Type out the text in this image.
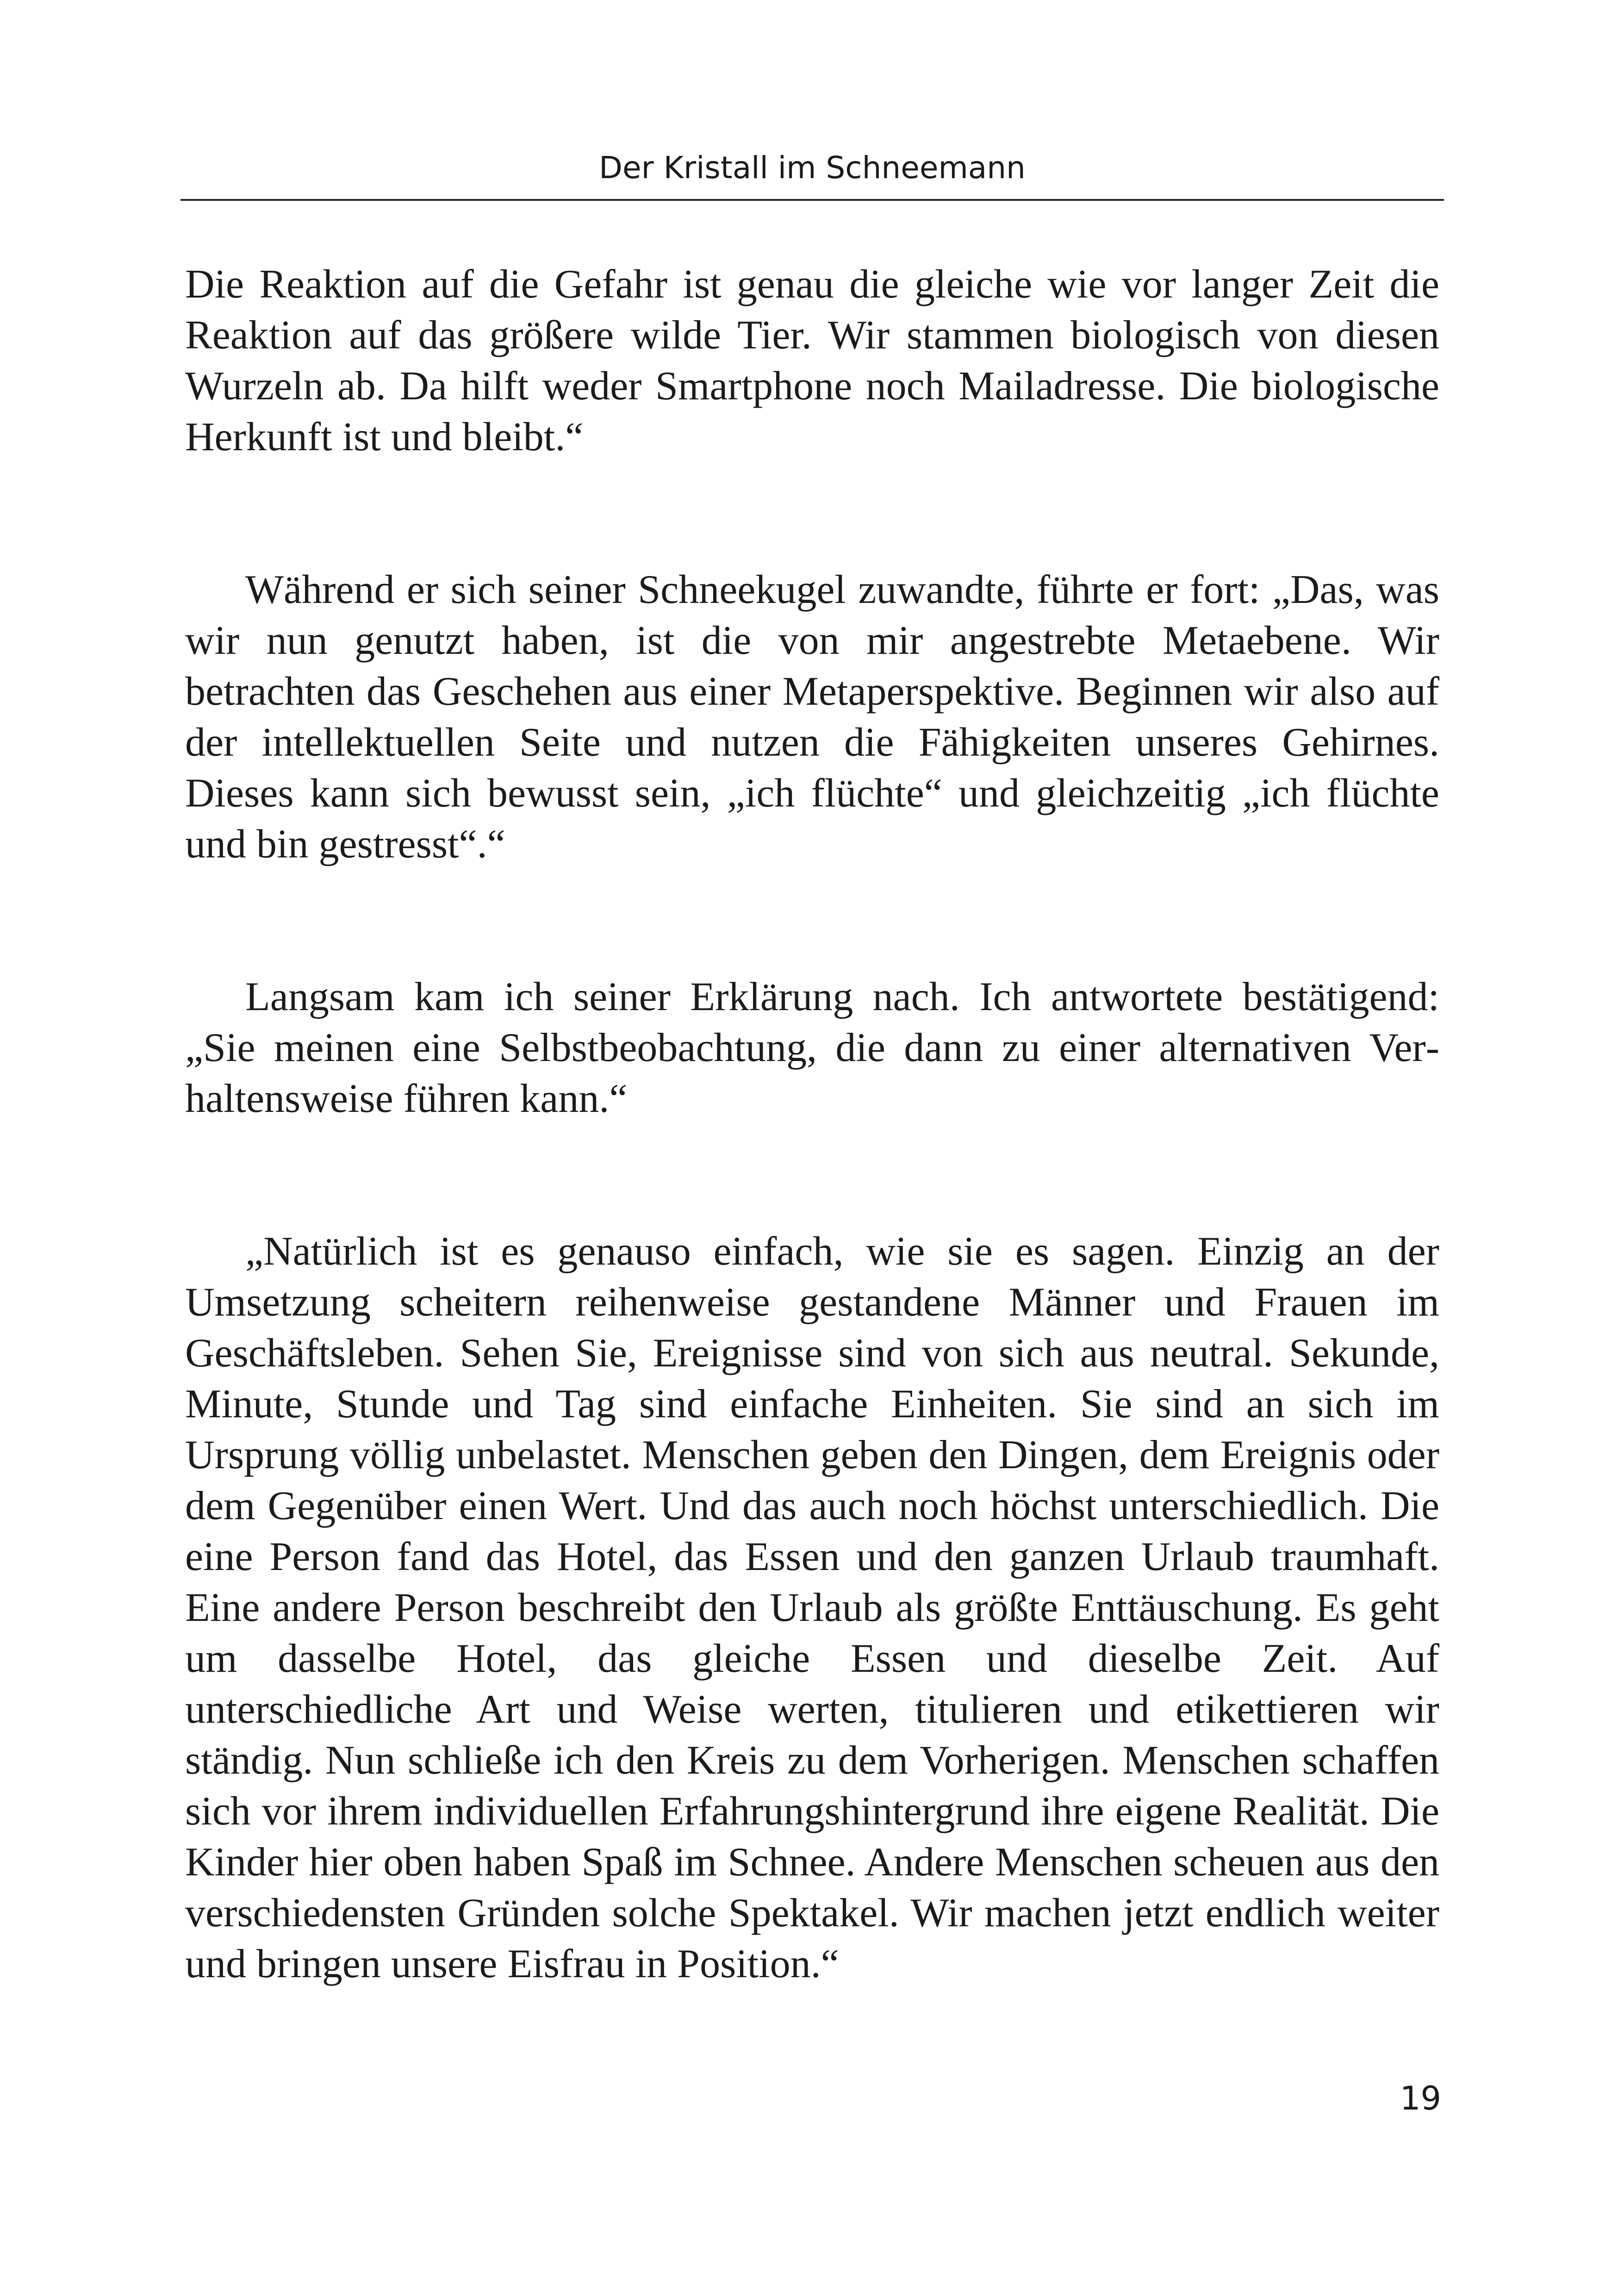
Der Kristall im Schneemann

Die Reaktion auf die Gefahr ist genau die gleiche wie vor langer Zeit die Reaktion auf das größere wilde Tier. Wir stammen biologisch von diesen Wurzeln ab. Da hilft weder Smartphone noch Mailadresse. Die biologische Herkunft ist und bleibt.“

Während er sich seiner Schneekugel zuwandte, führte er fort: „Das, was wir nun genutzt haben, ist die von mir angestrebte Metaebene. Wir betrachten das Geschehen aus einer Metaperspektive. Beginnen wir also auf der intellektuellen Seite und nutzen die Fähigkeiten unseres Gehirnes. Dieses kann sich bewusst sein, „ich flüchte“ und gleichzeitig „ich flüchte und bin gestresst“.“

Langsam kam ich seiner Erklärung nach. Ich antwortete bestätigend: „Sie meinen eine Selbstbeobachtung, die dann zu einer alternativen Verhaltensweise führen kann.“

„Natürlich ist es genauso einfach, wie sie es sagen. Einzig an der Umsetzung scheitern reihenweise gestandene Männer und Frauen im Geschäftsleben. Sehen Sie, Ereignisse sind von sich aus neutral. Sekunde, Minute, Stunde und Tag sind einfache Einheiten. Sie sind an sich im Ursprung völlig unbelastet. Menschen geben den Dingen, dem Ereignis oder dem Gegenüber einen Wert. Und das auch noch höchst unterschiedlich. Die eine Person fand das Hotel, das Essen und den ganzen Urlaub traumhaft. Eine andere Person beschreibt den Urlaub als größte Enttäuschung. Es geht um dasselbe Hotel, das gleiche Essen und dieselbe Zeit. Auf unterschiedliche Art und Weise werten, titulieren und etikettieren wir ständig. Nun schließe ich den Kreis zu dem Vorherigen. Menschen schaffen sich vor ihrem individuellen Erfahrungshintergrund ihre eigene Realität. Die Kinder hier oben haben Spaß im Schnee. Andere Menschen scheuen aus den verschiedensten Gründen solche Spektakel. Wir machen jetzt endlich weiter und bringen unsere Eisfrau in Position.“

19
